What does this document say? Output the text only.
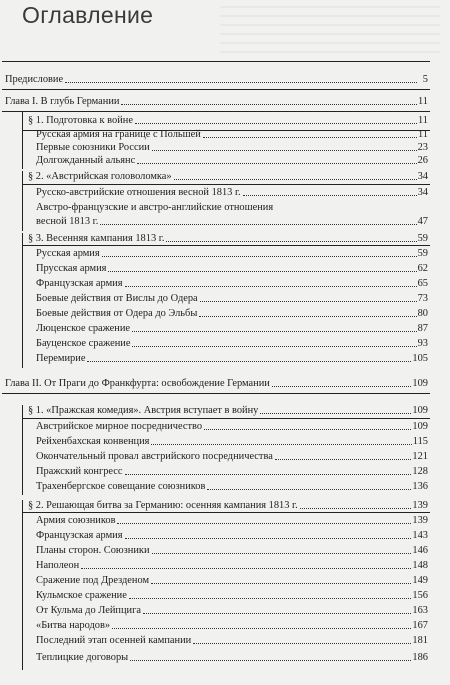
Оглавление
Предисловие	5
Глава I. В глубь Германии	11
§ 1. Подготовка к войне	11
Русская армия на границе с Польшей	11
Первые союзники России	23
Долгожданный альянс	26
§ 2. «Австрийская головоломка»	34
Русско-австрийские отношения весной 1813 г.	34
Австро-французские и австро-английские отношения
весной 1813 г.	47
§ 3. Весенняя кампания 1813 г.	59
Русская армия	59
Прусская армия	62
Французская армия	65
Боевые действия от Вислы до Одера	73
Боевые действия от Одера до Эльбы	80
Люценское сражение	87
Бауценское сражение	93
Перемирие	105
Глава II. От Праги до Франкфурта: освобождение Германии	109
§ 1. «Пражская комедия». Австрия вступает в войну	109
Австрийское мирное посредничество	109
Рейхенбахская конвенция	115
Окончательный провал австрийского посредничества	121
Пражский конгресс	128
Трахенбергское совещание союзников	136
§ 2. Решающая битва за Германию: осенняя кампания 1813 г.	139
Армия союзников	139
Французская армия	143
Планы сторон. Союзники	146
Наполеон	148
Сражение под Дрезденом	149
Кульмское сражение	156
От Кульма до Лейпцига	163
«Битва народов»	167
Последний этап осенней кампании	181
Теплицкие договоры	186
